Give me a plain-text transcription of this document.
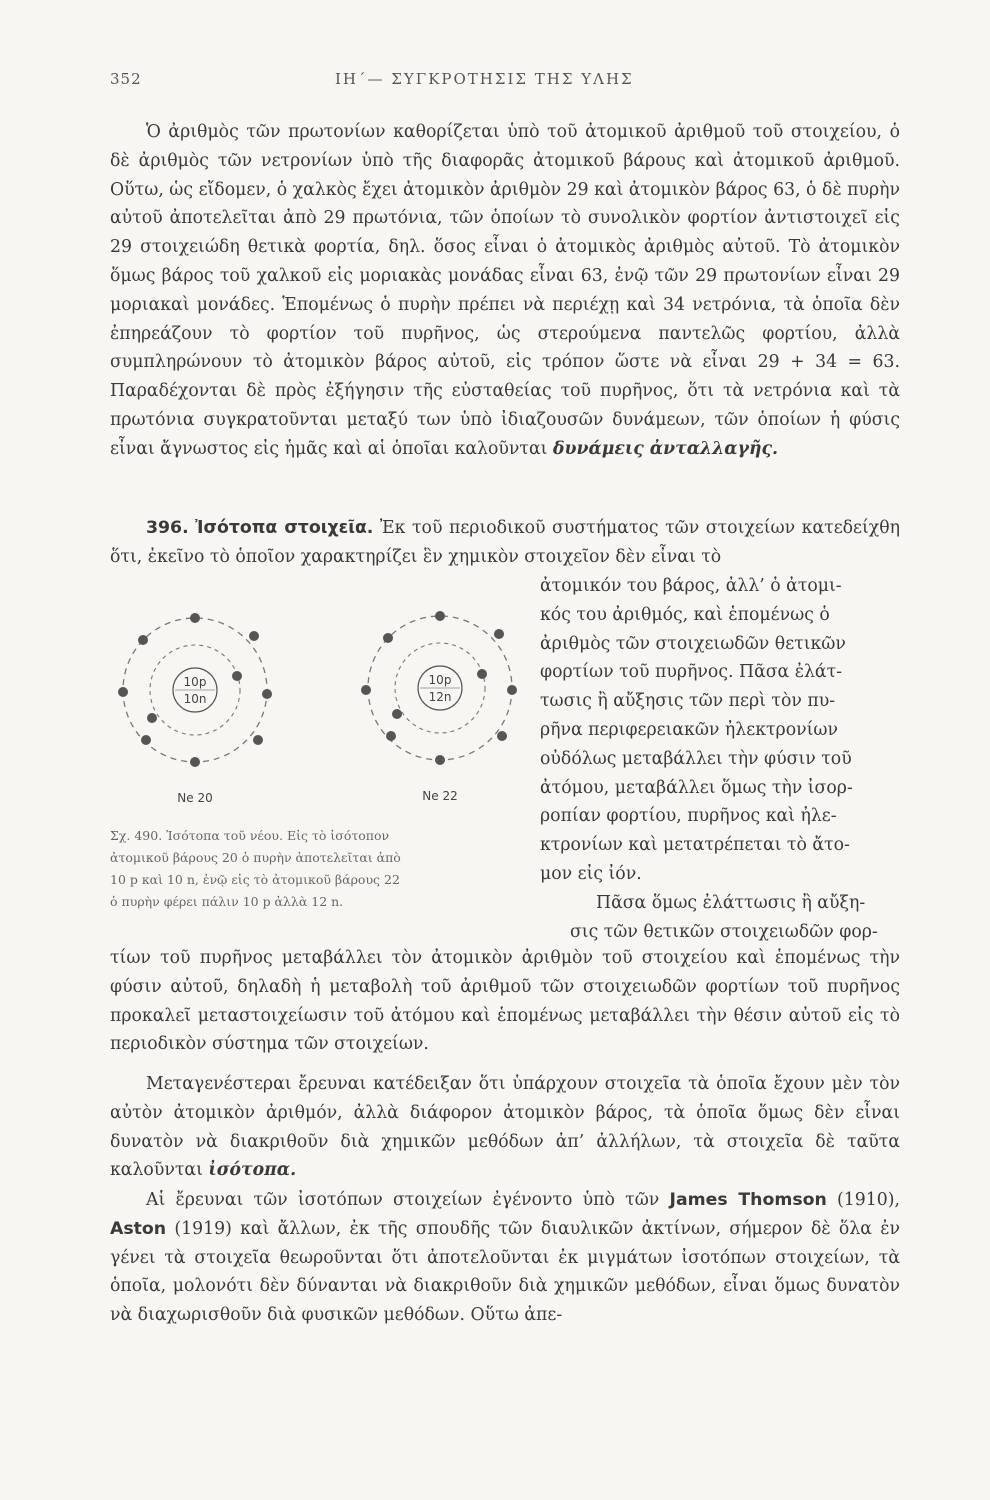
352	ΙΗ΄— ΣΥΓΚΡΟΤΗΣΙΣ ΤΗΣ ΥΛΗΣ
Ὁ ἀριθμὸς τῶν πρωτονίων καθορίζεται ὑπὸ τοῦ ἀτομικοῦ ἀριθμοῦ τοῦ στοιχείου, ὁ δὲ ἀριθμὸς τῶν νετρονίων ὑπὸ τῆς διαφορᾶς ἀτομικοῦ βάρους καὶ ἀτομικοῦ ἀριθμοῦ. Οὕτω, ὡς εἴδομεν, ὁ χαλκὸς ἔχει ἀτομικὸν ἀριθμὸν 29 καὶ ἀτομικὸν βάρος 63, ὁ δὲ πυρὴν αὐτοῦ ἀποτελεῖται ἀπὸ 29 πρωτόνια, τῶν ὁποίων τὸ συνολικὸν φορτίον ἀντιστοιχεῖ εἰς 29 στοιχειώδη θετικὰ φορτία, δηλ. ὅσος εἶναι ὁ ἀτομικὸς ἀριθμὸς αὐτοῦ. Τὸ ἀτομικὸν ὅμως βάρος τοῦ χαλκοῦ εἰς μοριακὰς μονάδας εἶναι 63, ἐνῷ τῶν 29 πρωτονίων εἶναι 29 μοριακαὶ μονάδες. Ἑπομένως ὁ πυρὴν πρέπει νὰ περιέχῃ καὶ 34 νετρόνια, τὰ ὁποῖα δὲν ἐπηρεάζουν τὸ φορτίον τοῦ πυρῆνος, ὡς στερούμενα παντελῶς φορτίου, ἀλλὰ συμπληρώνουν τὸ ἀτομικὸν βάρος αὐτοῦ, εἰς τρόπον ὥστε νὰ εἶναι 29 + 34 = 63. Παραδέχονται δὲ πρὸς ἐξήγησιν τῆς εὐσταθείας τοῦ πυρῆνος, ὅτι τὰ νετρόνια καὶ τὰ πρωτόνια συγκρατοῦνται μεταξύ των ὑπὸ ἰδιαζουσῶν δυνάμεων, τῶν ὁποίων ἡ φύσις εἶναι ἄγνωστος εἰς ἡμᾶς καὶ αἱ ὁποῖαι καλοῦνται δυνάμεις ἀνταλλαγῆς.
396. Ἰσότοπα στοιχεῖα. Ἐκ τοῦ περιοδικοῦ συστήματος τῶν στοιχείων κατεδείχθη ὅτι, ἐκεῖνο τὸ ὁποῖον χαρακτηρίζει ἓν χημικὸν στοιχεῖον δὲν εἶναι τὸ
ἀτομικόν του βάρος, ἀλλ’ ὁ ἀτομι-
κός του ἀριθμός, καὶ ἑπομένως ὁ
ἀριθμὸς τῶν στοιχειωδῶν θετικῶν
φορτίων τοῦ πυρῆνος. Πᾶσα ἐλάτ-
τωσις ἢ αὔξησις τῶν περὶ τὸν πυ-
ρῆνα περιφερειακῶν ἠλεκτρονίων
οὐδόλως μεταβάλλει τὴν φύσιν τοῦ
ἀτόμου, μεταβάλλει ὅμως τὴν ἰσορ-
ροπίαν φορτίου, πυρῆνος καὶ ἠλε-
κτρονίων καὶ μετατρέπεται τὸ ἄτο-
μον εἰς ἰόν.
Πᾶσα ὅμως ἐλάττωσις ἢ αὔξη-
σις τῶν θετικῶν στοιχειωδῶν φορ-
10p
10n
Ne 20
10p
12n
Ne 22
Σχ. 490. Ἰσότοπα τοῦ νέου. Εἰς τὸ ἰσότοπον
ἀτομικοῦ βάρους 20 ὁ πυρὴν ἀποτελεῖται ἀπὸ
10 p καὶ 10 n, ἐνῷ εἰς τὸ ἀτομικοῦ βάρους 22
ὁ πυρὴν φέρει πάλιν 10 p ἀλλὰ 12 n.
τίων τοῦ πυρῆνος μεταβάλλει τὸν ἀτομικὸν ἀριθμὸν τοῦ στοιχείου καὶ ἑπομένως τὴν φύσιν αὐτοῦ, δηλαδὴ ἡ μεταβολὴ τοῦ ἀριθμοῦ τῶν στοιχειωδῶν φορτίων τοῦ πυρῆνος προκαλεῖ μεταστοιχείωσιν τοῦ ἀτόμου καὶ ἑπομένως μεταβάλλει τὴν θέσιν αὐτοῦ εἰς τὸ περιοδικὸν σύστημα τῶν στοιχείων.
Μεταγενέστεραι ἔρευναι κατέδειξαν ὅτι ὑπάρχουν στοιχεῖα τὰ ὁποῖα ἔχουν μὲν τὸν αὐτὸν ἀτομικὸν ἀριθμόν, ἀλλὰ διάφορον ἀτομικὸν βάρος, τὰ ὁποῖα ὅμως δὲν εἶναι δυνατὸν νὰ διακριθοῦν διὰ χημικῶν μεθόδων ἀπ’ ἀλλήλων, τὰ στοιχεῖα δὲ ταῦτα καλοῦνται ἰσότοπα.
Αἱ ἔρευναι τῶν ἰσοτόπων στοιχείων ἐγένοντο ὑπὸ τῶν James Thomson (1910), Aston (1919) καὶ ἄλλων, ἐκ τῆς σπουδῆς τῶν διαυλικῶν ἀκτίνων, σήμερον δὲ ὅλα ἐν γένει τὰ στοιχεῖα θεωροῦνται ὅτι ἀποτελοῦνται ἐκ μιγμάτων ἰσοτόπων στοιχείων, τὰ ὁποῖα, μολονότι δὲν δύνανται νὰ διακριθοῦν διὰ χημικῶν μεθόδων, εἶναι ὅμως δυνατὸν νὰ διαχωρισθοῦν διὰ φυσικῶν μεθόδων. Οὕτω ἀπε-
